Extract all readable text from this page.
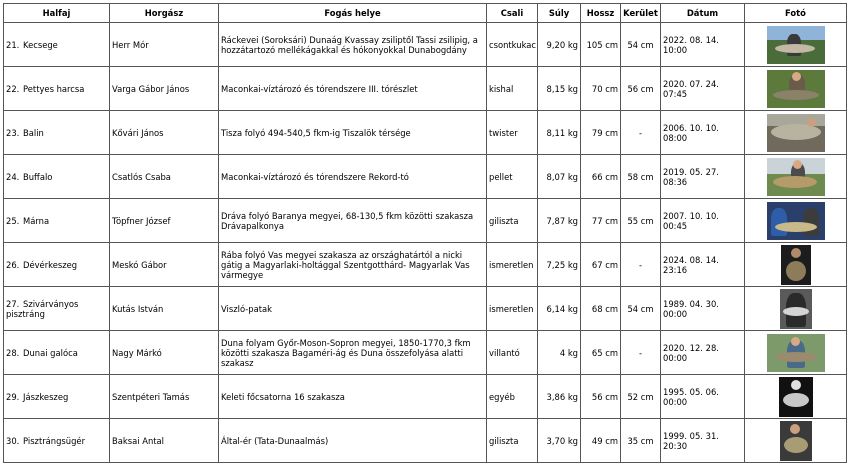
Halfaj	Horgász	Fogás helye	Csali	Súly	Hossz	Kerület	Dátum	Fotó
21. Kecsege	Herr Mór	Ráckevei (Soroksári) Dunaág Kvassay zsiliptől Tassi zsilipig, a hozzátartozó mellékágakkal és hókonyokkal Dunabogdány	csontkukac	9,20 kg	105 cm	54 cm	2022. 08. 14. 10:00	

22. Pettyes harcsa	Varga Gábor János	Maconkai-víztározó és tórendszere III. tórészlet	kishal	8,15 kg	70 cm	56 cm	2020. 07. 24. 07:45	

23. Balin	Kővári János	Tisza folyó 494-540,5 fkm-ig Tiszalök térsége	twister	8,11 kg	79 cm	-	2006. 10. 10. 08:00	

24. Buffalo	Csatlós Csaba	Maconkai-víztározó és tórendszere Rekord-tó	pellet	8,07 kg	66 cm	58 cm	2019. 05. 27. 08:36	

25. Márna	Töpfner József	Dráva folyó Baranya megyei, 68-130,5 fkm közötti szakasza Drávapalkonya	giliszta	7,87 kg	77 cm	55 cm	2007. 10. 10. 00:45	

26. Dévérkeszeg	Meskó Gábor	Rába folyó Vas megyei szakasza az országhatártól a nicki gátig a Magyarlaki-holtággal Szentgotthárd- Magyarlak Vas vármegye	ismeretlen	7,25 kg	67 cm	-	2024. 08. 14. 23:16	

27. Szivárványos pisztráng	Kutás István	Viszló-patak	ismeretlen	6,14 kg	68 cm	54 cm	1989. 04. 30. 00:00	

28. Dunai galóca	Nagy Márkó	Duna folyam Győr-Moson-Sopron megyei, 1850-1770,3 fkm közötti szakasza Bagaméri-ág és Duna összefolyása alatti szakasz	villantó	4 kg	65 cm	-	2020. 12. 28. 00:00	

29. Jászkeszeg	Szentpéteri Tamás	Keleti főcsatorna 16 szakasza	egyéb	3,86 kg	56 cm	52 cm	1995. 05. 06. 00:00	

30. Pisztrángsügér	Baksai Antal	Által-ér (Tata-Dunaalmás)	giliszta	3,70 kg	49 cm	35 cm	1999. 05. 31. 20:30	
